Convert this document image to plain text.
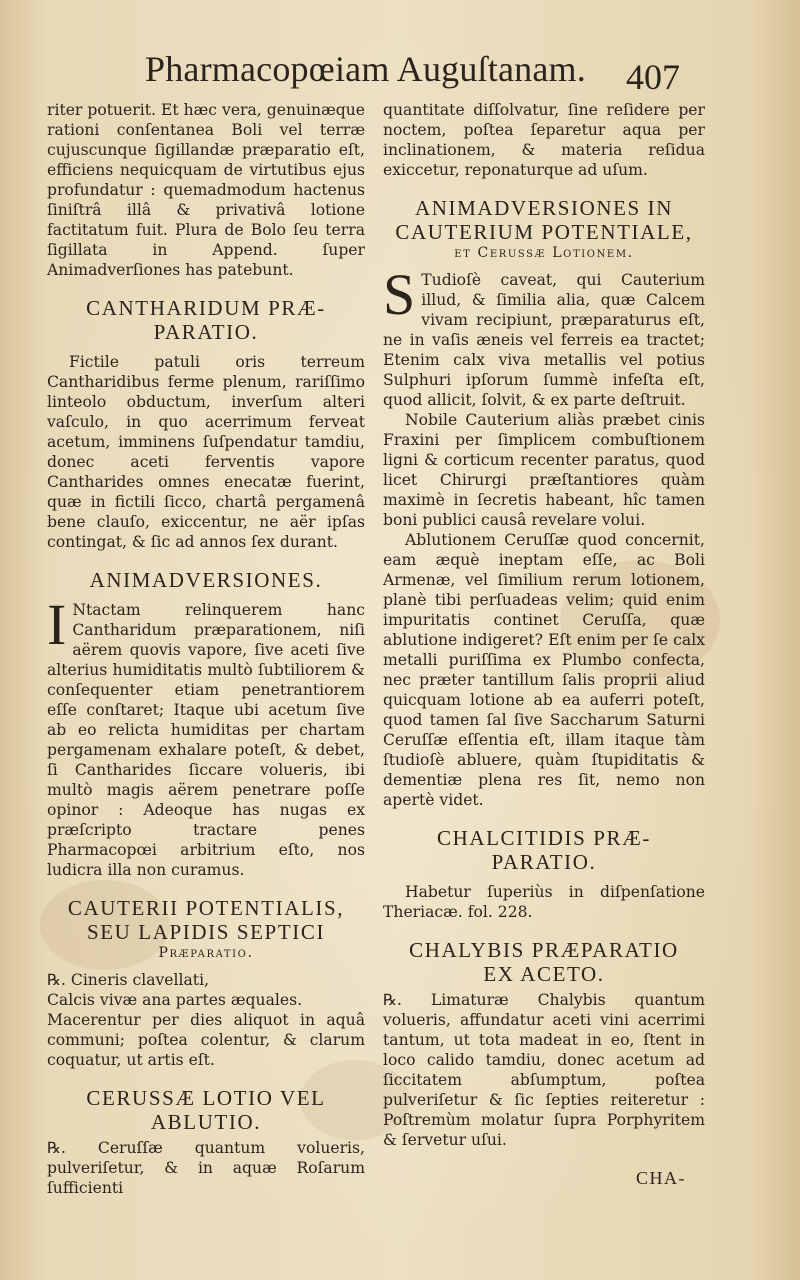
Pharmacopœiam Auguſtanam. 407

riter potuerit. Et hæc vera, genuinæque rationi conſentanea Boli vel terræ cujuscunque ſigillandæ præparatio eſt, efficiens nequicquam de virtutibus ejus profundatur : quemadmodum hactenus ſiniſtrâ illâ & privativâ lotione factitatum fuit. Plura de Bolo ſeu terra ſigillata in Append. ſuper Animadverſiones has patebunt.

CANTHARIDUM PRÆ-
PARATIO.

Fictile patuli oris terreum Cantharidibus ferme plenum, rariſſimo linteolo obductum, inverſum alteri vaſculo, in quo acerrimum ferveat acetum, imminens ſuſpendatur tamdiu, donec aceti ferventis vapore Cantharides omnes enecatæ fuerint, quæ in fictili ſicco, chartâ pergamenâ bene clauſo, exiccentur, ne aër ipſas contingat, & ſic ad annos ſex durant.

ANIMADVERSIONES.

I Ntactam relinquerem hanc Cantharidum præparationem, niſi aërem quovis vapore, ſive aceti ſive alterius humiditatis multò ſubtiliorem & conſequenter etiam penetrantiorem eſſe conſtaret; Itaque ubi acetum ſive ab eo relicta humiditas per chartam pergamenam exhalare poteſt, & debet, ſi Cantharides ſiccare volueris, ibi multò magis aërem penetrare poſſe opinor : Adeoque has nugas ex præſcripto tractare penes Pharmacopœi arbitrium eſto, nos ludicra illa non curamus.

CAUTERII POTENTIALIS,
SEU LAPIDIS SEPTICI
Præparatio.

℞. Cineris clavellati,

Calcis vivæ ana partes æquales.

Macerentur per dies aliquot in aquâ communi; poſtea colentur, & clarum coquatur, ut artis eſt.

CERUSSÆ LOTIO VEL
ABLUTIO.

℞. Ceruſſæ quantum volueris, pulveriſetur, & in aquæ Roſarum ſufficienti

quantitate diſſolvatur, ſine reſidere per noctem, poſtea ſeparetur aqua per inclinationem, & materia reſidua exiccetur, reponaturque ad uſum.

ANIMADVERSIONES IN
CAUTERIUM POTENTIALE,
et Cerussæ Lotionem.

S Tudioſè caveat, qui Cauterium illud, & ſimilia alia, quæ Calcem vivam recipiunt, præparaturus eſt, ne in vaſis æneis vel ferreis ea tractet; Etenim calx viva metallis vel potius Sulphuri ipſorum ſummè infeſta eſt, quod allicit, ſolvit, & ex parte deſtruit.

Nobile Cauterium aliàs præbet cinis Fraxini per ſimplicem combuſtionem ligni & corticum recenter paratus, quod licet Chirurgi præſtantiores quàm maximè in ſecretis habeant, hîc tamen boni publici causâ revelare volui.

Ablutionem Ceruſſæ quod concernit, eam æquè ineptam eſſe, ac Boli Armenæ, vel ſimilium rerum lotionem, planè tibi perſuadeas velim; quid enim impuritatis continet Ceruſſa, quæ ablutione indigeret? Eſt enim per ſe calx metalli puriſſima ex Plumbo confecta, nec præter tantillum ſalis proprii aliud quicquam lotione ab ea auferri poteſt, quod tamen ſal ſive Saccharum Saturni Ceruſſæ eſſentia eſt, illam itaque tàm ſtudioſè abluere, quàm ſtupiditatis & dementiæ plena res ſit, nemo non apertè videt.

CHALCITIDIS PRÆ-
PARATIO.

Habetur ſuperiùs in diſpenſatione Theriacæ. fol. 228.

CHALYBIS PRÆPARATIO
EX ACETO.

℞. Limaturæ Chalybis quantum volueris, affundatur aceti vini acerrimi tantum, ut tota madeat in eo, ſtent in loco calido tamdiu, donec acetum ad ſiccitatem abſumptum, poſtea pulveriſetur & ſic ſepties reiteretur : Poſtremùm molatur ſupra Porphyritem & ſervetur uſui.

CHA-
